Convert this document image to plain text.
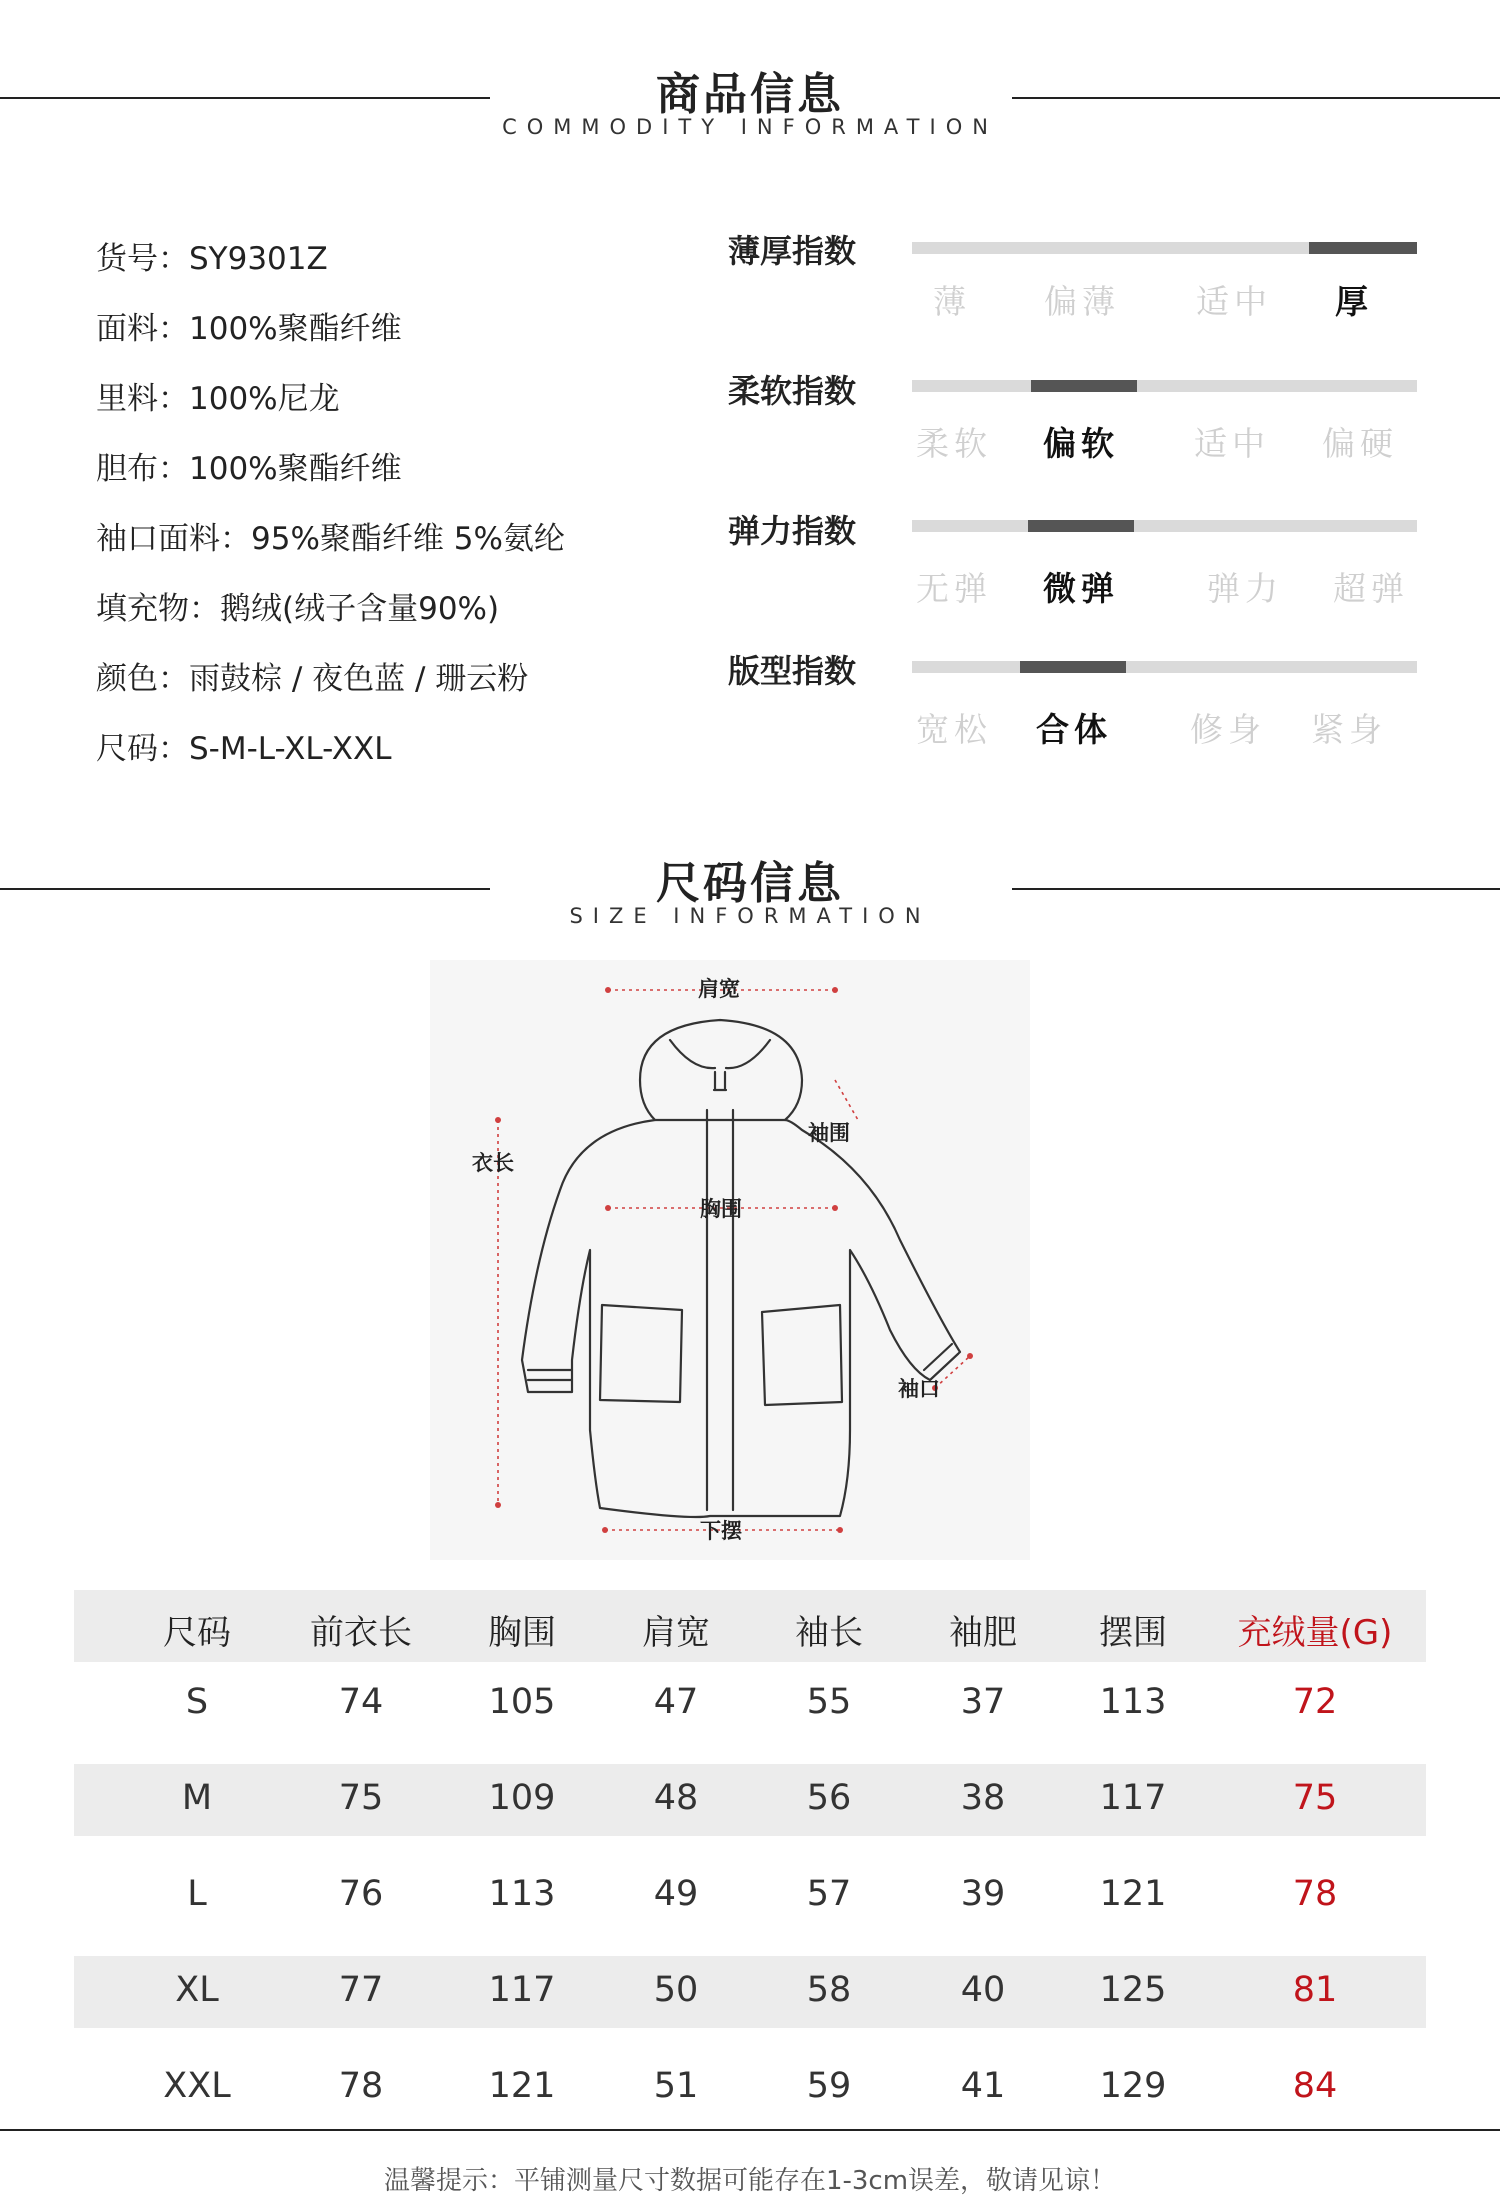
商品信息
COMMODITY INFORMATION
货号：SY9301Z
面料：100%聚酯纤维
里料：100%尼龙
胆布：100%聚酯纤维
袖口面料：95%聚酯纤维 5%氨纶
填充物：鹅绒(绒子含量90%)
颜色：雨鼓棕 / 夜色蓝 / 珊云粉
尺码：S-M-L-XL-XXL
薄厚指数
薄 偏薄 适中 厚
柔软指数
柔软 偏软 适中 偏硬
弹力指数
无弹 微弹	弹力 超弹
版型指数
宽松 合体 修身 紧身
尺码信息
SIZE INFORMATION
肩宽
衣长
袖围
胸围
袖口
下摆
尺码	前衣长	胸围	肩宽	袖长	袖肥	摆围	充绒量(G)
S	74	105	47	55	37	113	72
M	75	109	48	56	38	117	75
L	76	113	49	57	39	121	78
XL	77	117	50	58	40	125	81
XXL	78	121	51	59	41	129	84
温馨提示：平铺测量尺寸数据可能存在1-3cm误差，敬请见谅！
